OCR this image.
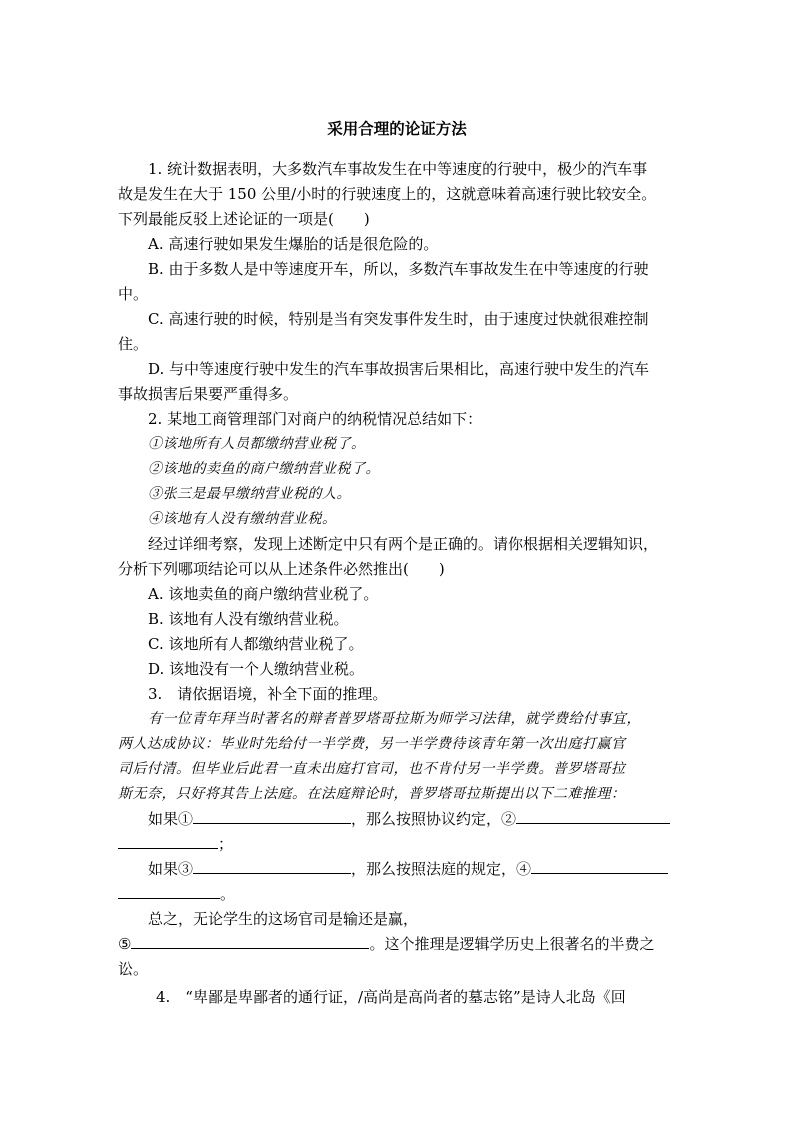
采用合理的论证方法
1. 统计数据表明，大多数汽车事故发生在中等速度的行驶中，极少的汽车事
故是发生在大于 150 公里/小时的行驶速度上的，这就意味着高速行驶比较安全。
下列最能反驳上述论证的一项是(　　)
A. 高速行驶如果发生爆胎的话是很危险的。
B. 由于多数人是中等速度开车，所以，多数汽车事故发生在中等速度的行驶
中。
C. 高速行驶的时候，特别是当有突发事件发生时，由于速度过快就很难控制
住。
D. 与中等速度行驶中发生的汽车事故损害后果相比，高速行驶中发生的汽车
事故损害后果要严重得多。
2. 某地工商管理部门对商户的纳税情况总结如下：
①该地所有人员都缴纳营业税了。
②该地的卖鱼的商户缴纳营业税了。
③张三是最早缴纳营业税的人。
④该地有人没有缴纳营业税。
经过详细考察，发现上述断定中只有两个是正确的。请你根据相关逻辑知识，
分析下列哪项结论可以从上述条件必然推出(　　)
A. 该地卖鱼的商户缴纳营业税了。
B. 该地有人没有缴纳营业税。
C. 该地所有人都缴纳营业税了。
D. 该地没有一个人缴纳营业税。
3.　请依据语境，补全下面的推理。
有一位青年拜当时著名的辩者普罗塔哥拉斯为师学习法律，就学费给付事宜，
两人达成协议：毕业时先给付一半学费，另一半学费待该青年第一次出庭打赢官
司后付清。但毕业后此君一直未出庭打官司，也不肯付另一半学费。普罗塔哥拉
斯无奈，只好将其告上法庭。在法庭辩论时，普罗塔哥拉斯提出以下二难推理：
如果①	，那么按照协议约定，②
；
如果③	，那么按照法庭的规定，④
。
总之，无论学生的这场官司是输还是赢，
⑤	。这个推理是逻辑学历史上很著名的半费之
讼。
4.　“卑鄙是卑鄙者的通行证，/高尚是高尚者的墓志铭”是诗人北岛《回
